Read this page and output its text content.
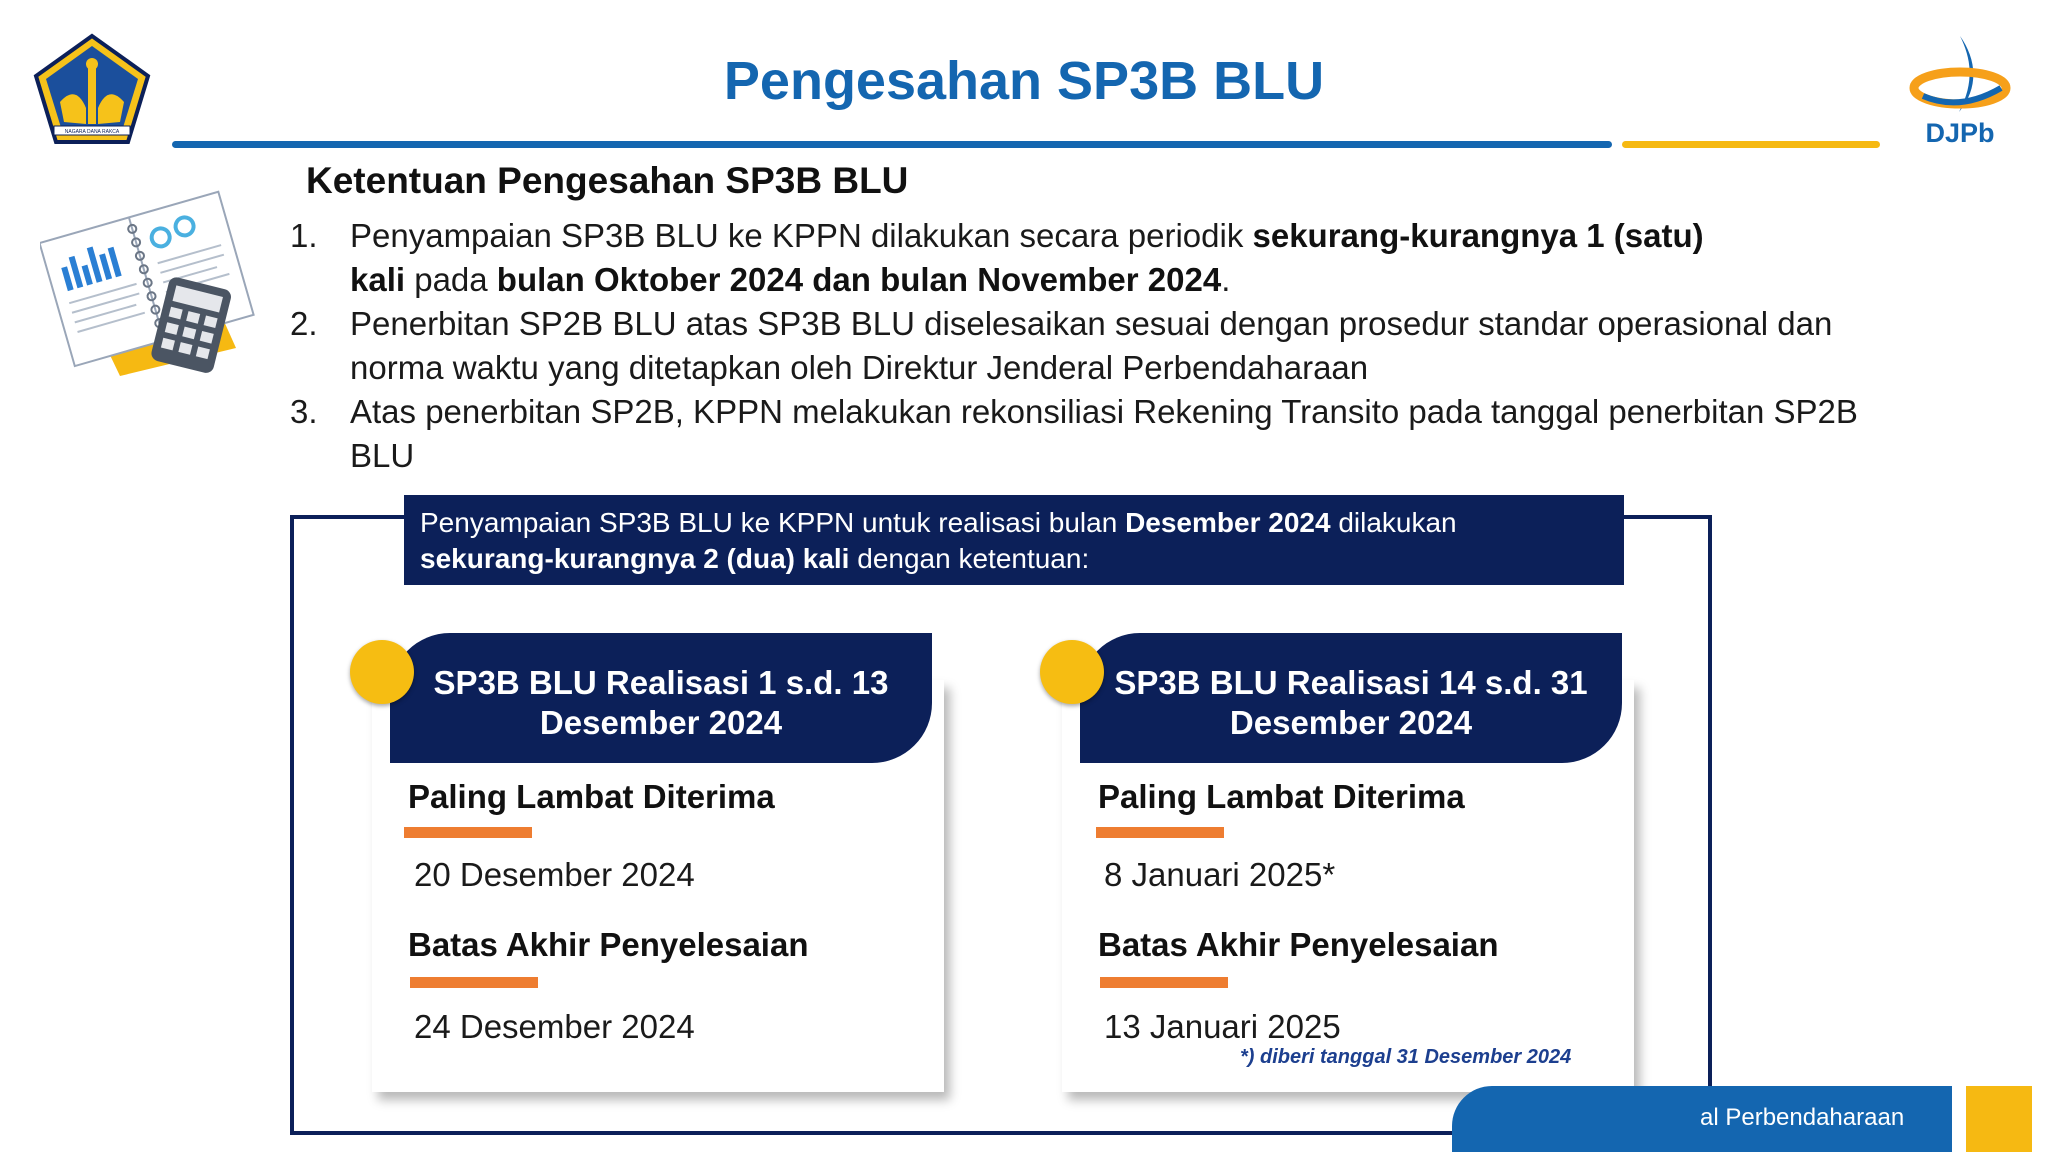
NAGARA DANA RAKCA
Pengesahan SP3B BLU
DJPb
Ketentuan Pengesahan SP3B BLU
1. Penyampaian SP3B BLU ke KPPN dilakukan secara periodik sekurang-kurangnya 1 (satu)
kali pada bulan Oktober 2024 dan bulan November 2024.
2. Penerbitan SP2B BLU atas SP3B BLU diselesaikan sesuai dengan prosedur standar operasional dan
norma waktu yang ditetapkan oleh Direktur Jenderal Perbendaharaan
3. Atas penerbitan SP2B, KPPN melakukan rekonsiliasi Rekening Transito pada tanggal penerbitan SP2B
BLU
Penyampaian SP3B BLU ke KPPN untuk realisasi bulan Desember 2024 dilakukan
sekurang-kurangnya 2 (dua) kali dengan ketentuan:
SP3B BLU Realisasi 1 s.d. 13
Desember 2024
Paling Lambat Diterima
20 Desember 2024
Batas Akhir Penyelesaian
24 Desember 2024
SP3B BLU Realisasi 14 s.d. 31
Desember 2024
Paling Lambat Diterima
8 Januari 2025*
Batas Akhir Penyelesaian
13 Januari 2025
*) diberi tanggal 31 Desember 2024
al Perbendaharaan
